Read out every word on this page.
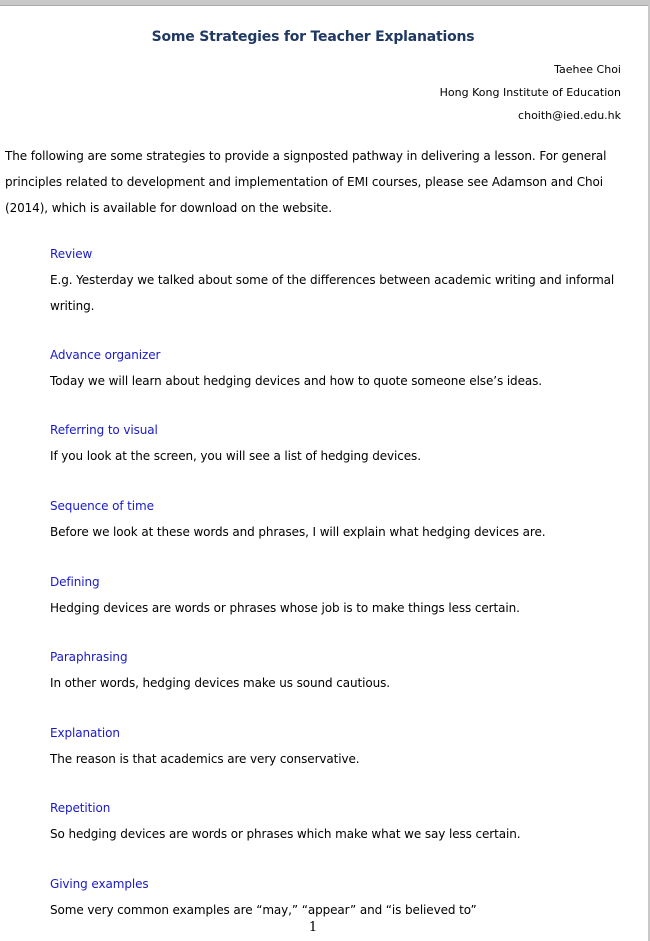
Some Strategies for Teacher Explanations
Taehee Choi
Hong Kong Institute of Education
choith@ied.edu.hk
The following are some strategies to provide a signposted pathway in delivering a lesson. For general principles related to development and implementation of EMI courses, please see Adamson and Choi (2014), which is available for download on the website.
Review
E.g. Yesterday we talked about some of the differences between academic writing and informal writing.
Advance organizer
Today we will learn about hedging devices and how to quote someone else’s ideas.
Referring to visual
If you look at the screen, you will see a list of hedging devices.
Sequence of time
Before we look at these words and phrases, I will explain what hedging devices are.
Defining
Hedging devices are words or phrases whose job is to make things less certain.
Paraphrasing
In other words, hedging devices make us sound cautious.
Explanation
The reason is that academics are very conservative.
Repetition
So hedging devices are words or phrases which make what we say less certain.
Giving examples
Some very common examples are “may,” “appear” and “is believed to”
1
